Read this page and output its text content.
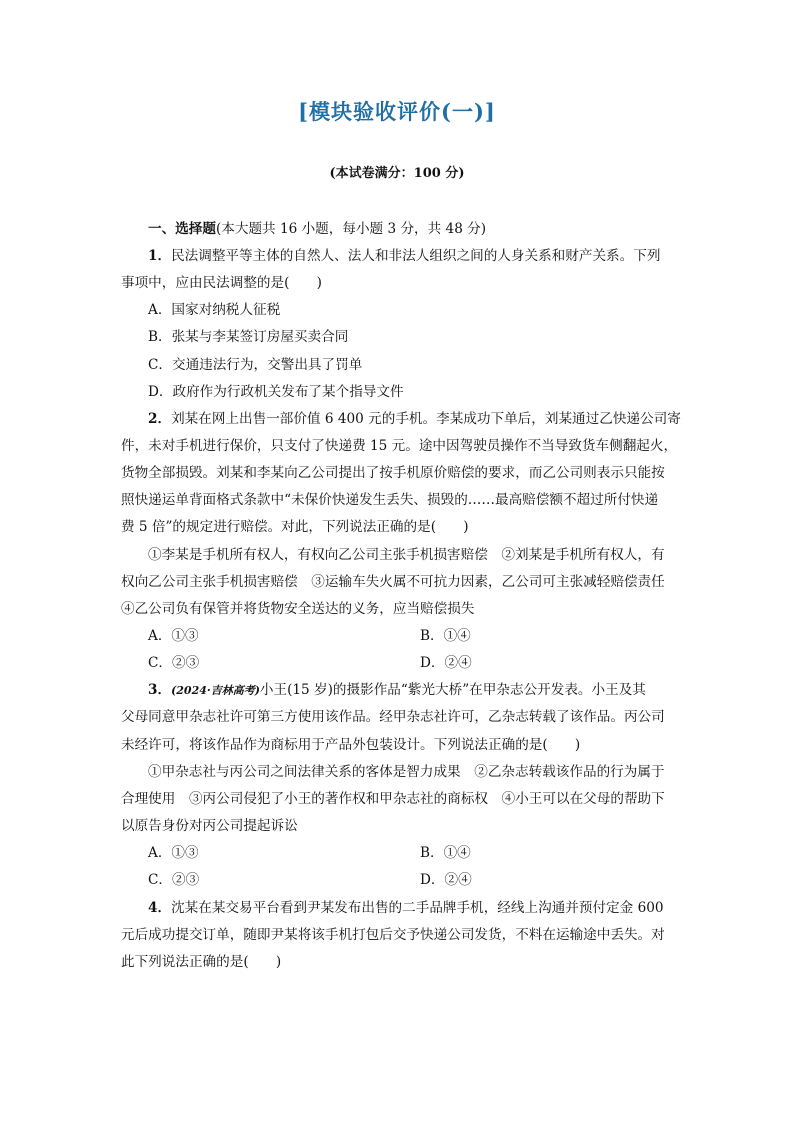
[模块验收评价(一)]
(本试卷满分：100 分)
一、选择题(本大题共 16 小题，每小题 3 分，共 48 分)
1．民法调整平等主体的自然人、法人和非法人组织之间的人身关系和财产关系。下列
事项中，应由民法调整的是(　　)
A．国家对纳税人征税
B．张某与李某签订房屋买卖合同
C．交通违法行为，交警出具了罚单
D．政府作为行政机关发布了某个指导文件
2．刘某在网上出售一部价值 6 400 元的手机。李某成功下单后，刘某通过乙快递公司寄
件，未对手机进行保价，只支付了快递费 15 元。途中因驾驶员操作不当导致货车侧翻起火，
货物全部损毁。刘某和李某向乙公司提出了按手机原价赔偿的要求，而乙公司则表示只能按
照快递运单背面格式条款中“未保价快递发生丢失、损毁的……最高赔偿额不超过所付快递
费 5 倍”的规定进行赔偿。对此，下列说法正确的是(　　)
①李某是手机所有权人，有权向乙公司主张手机损害赔偿　②刘某是手机所有权人，有
权向乙公司主张手机损害赔偿　③运输车失火属不可抗力因素，乙公司可主张减轻赔偿责任
④乙公司负有保管并将货物安全送达的义务，应当赔偿损失
A．①③	B．①④
C．②③	D．②④
3．(2024·吉林高考)小王(15 岁)的摄影作品“紫光大桥”在甲杂志公开发表。小王及其
父母同意甲杂志社许可第三方使用该作品。经甲杂志社许可，乙杂志转载了该作品。丙公司
未经许可，将该作品作为商标用于产品外包装设计。下列说法正确的是(　　)
①甲杂志社与丙公司之间法律关系的客体是智力成果　②乙杂志转载该作品的行为属于
合理使用　③丙公司侵犯了小王的著作权和甲杂志社的商标权　④小王可以在父母的帮助下
以原告身份对丙公司提起诉讼
A．①③	B．①④
C．②③	D．②④
4．沈某在某交易平台看到尹某发布出售的二手品牌手机，经线上沟通并预付定金 600
元后成功提交订单，随即尹某将该手机打包后交予快递公司发货，不料在运输途中丢失。对
此下列说法正确的是(　　)
